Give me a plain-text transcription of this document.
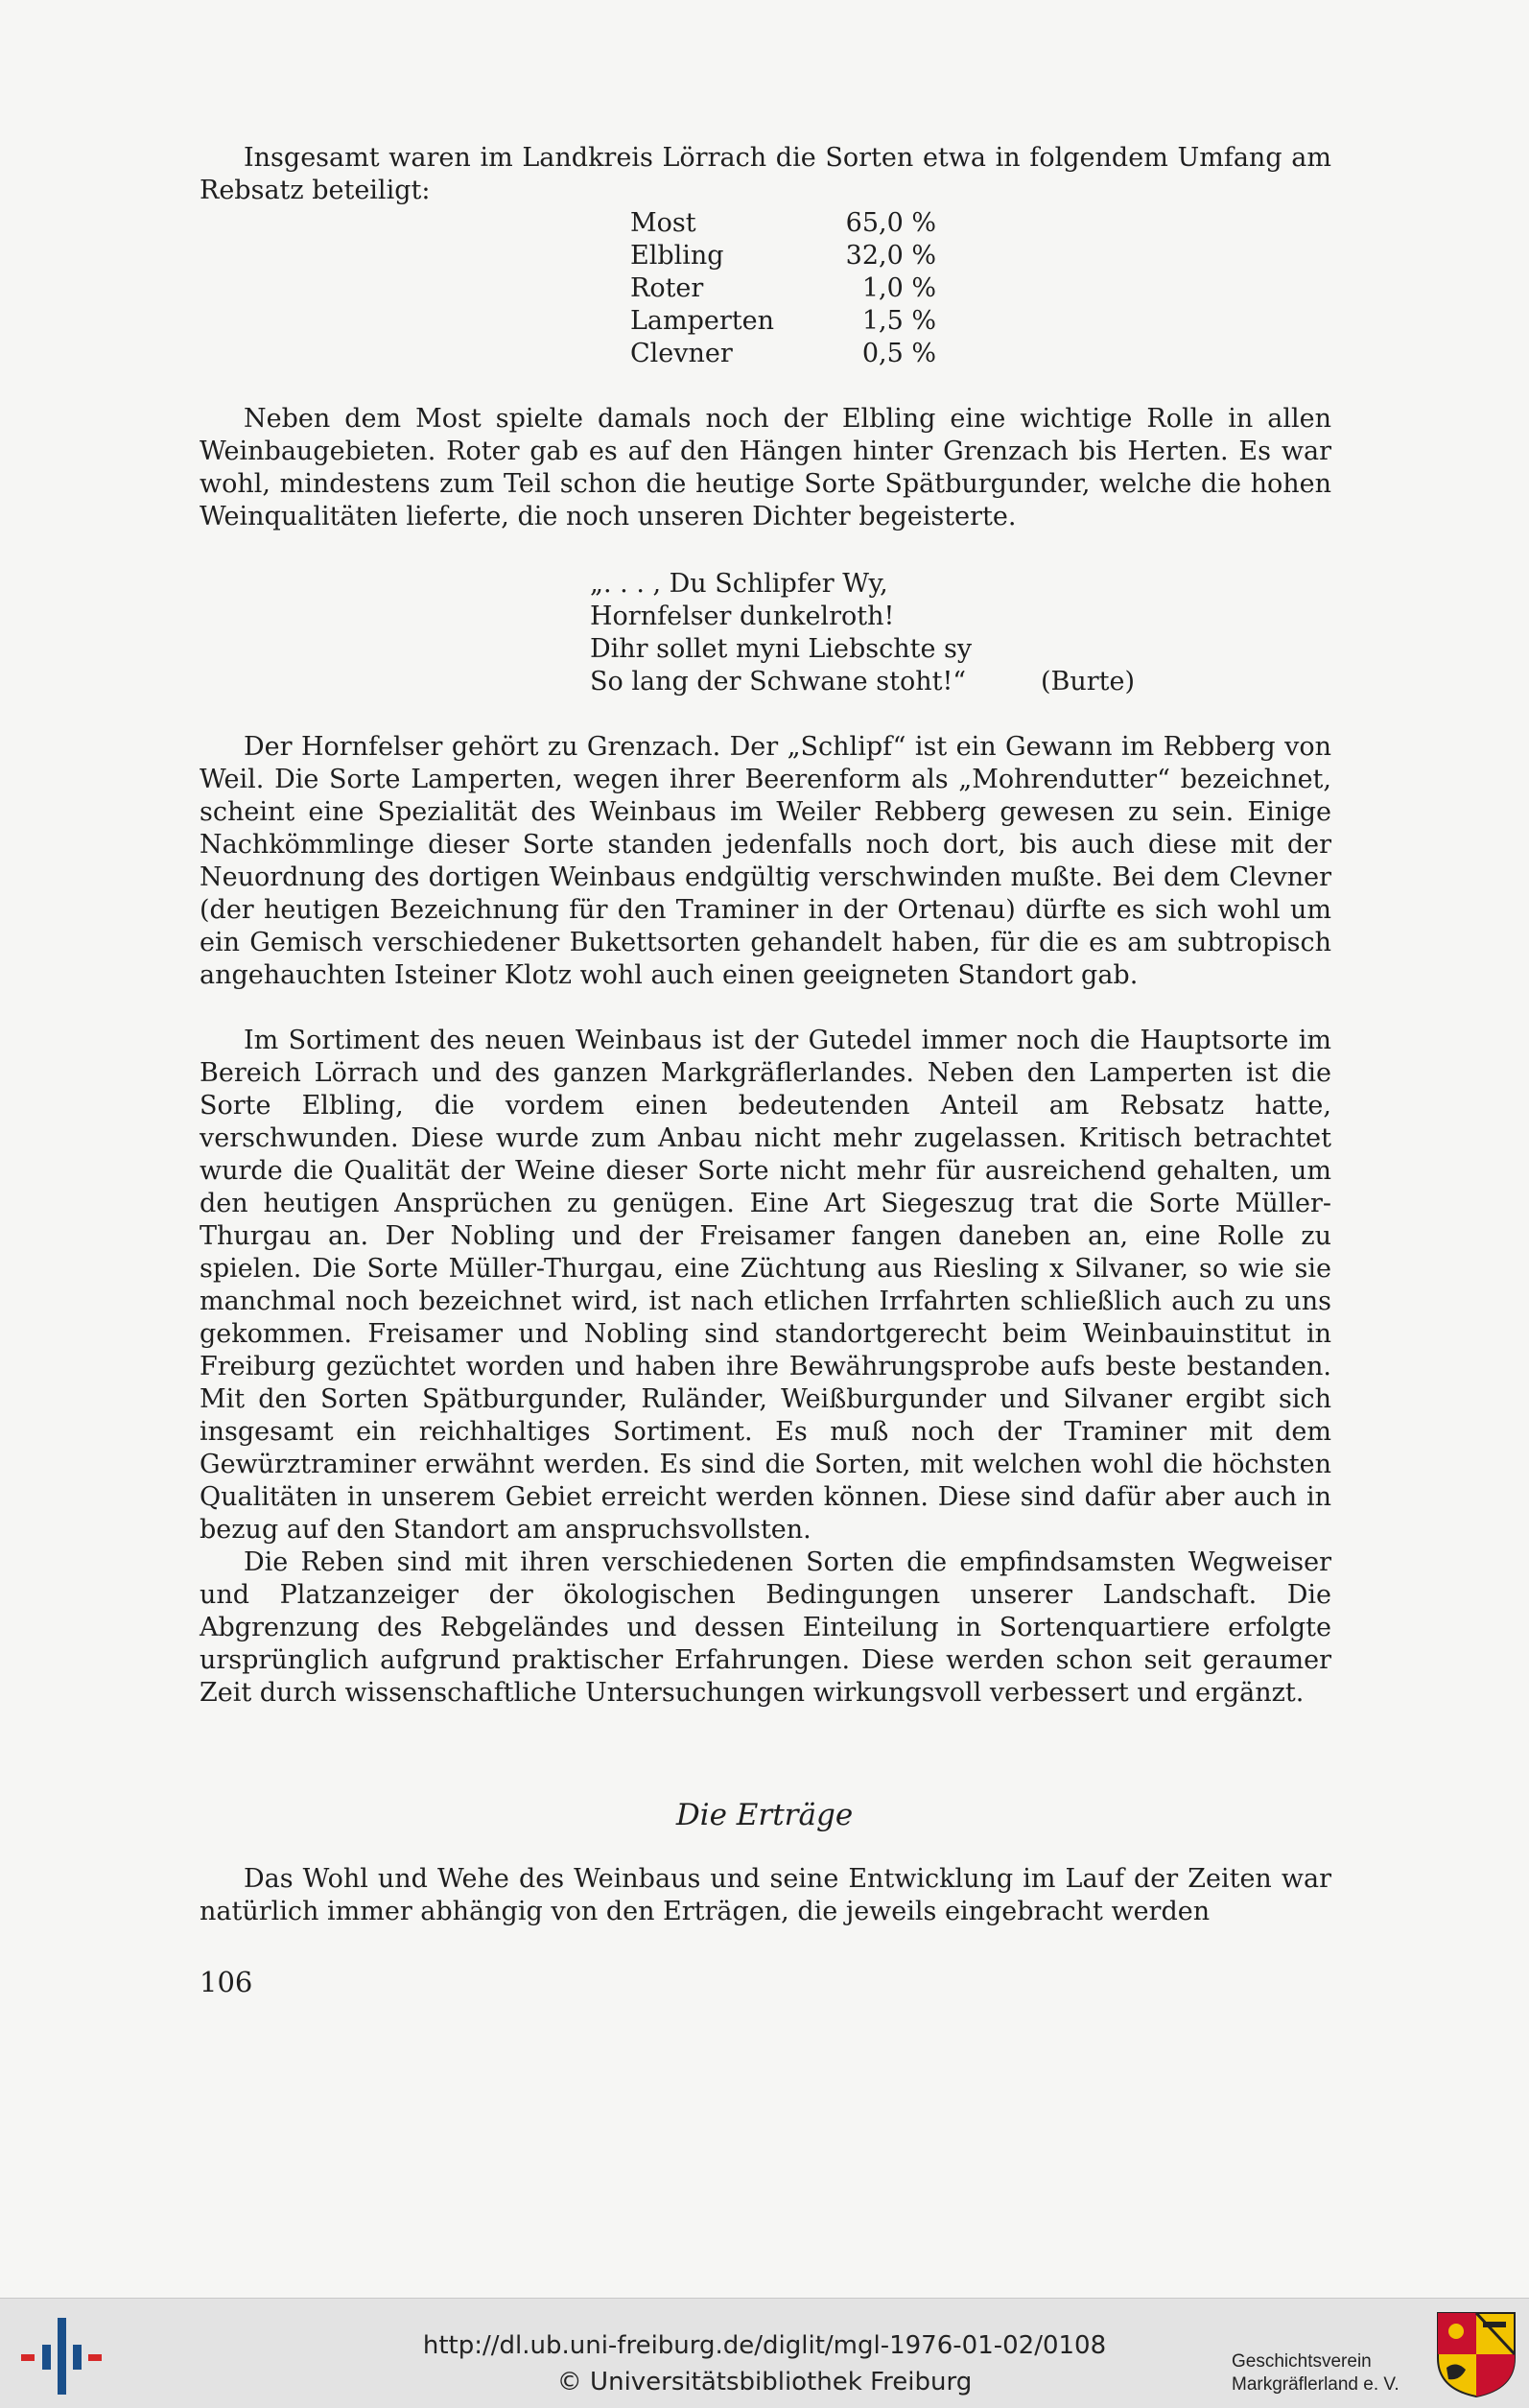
Insgesamt waren im Landkreis Lörrach die Sorten etwa in folgendem Umfang am Rebsatz beteiligt:

Most	65,0 %
Elbling	32,0 %
Roter	1,0 %
Lamperten	1,5 %
Clevner	0,5 %

Neben dem Most spielte damals noch der Elbling eine wichtige Rolle in allen Weinbaugebieten. Roter gab es auf den Hängen hinter Grenzach bis Herten. Es war wohl, mindestens zum Teil schon die heutige Sorte Spätburgunder, welche die hohen Weinqualitäten lieferte, die noch unseren Dichter begeisterte.

„. . . , Du Schlipfer Wy,
Hornfelser dunkelroth!
Dihr sollet myni Liebschte sy
So lang der Schwane stoht!“	(Burte)

Der Hornfelser gehört zu Grenzach. Der „Schlipf“ ist ein Gewann im Rebberg von Weil. Die Sorte Lamperten, wegen ihrer Beerenform als „Mohrendutter“ bezeichnet, scheint eine Spezialität des Weinbaus im Weiler Rebberg gewesen zu sein. Einige Nachkömmlinge dieser Sorte standen jedenfalls noch dort, bis auch diese mit der Neuordnung des dortigen Weinbaus endgültig verschwinden mußte. Bei dem Clevner (der heutigen Bezeichnung für den Traminer in der Ortenau) dürfte es sich wohl um ein Gemisch verschiedener Bukettsorten gehandelt haben, für die es am subtropisch angehauchten Isteiner Klotz wohl auch einen geeigneten Standort gab.

Im Sortiment des neuen Weinbaus ist der Gutedel immer noch die Hauptsorte im Bereich Lörrach und des ganzen Markgräflerlandes. Neben den Lamperten ist die Sorte Elbling, die vordem einen bedeutenden Anteil am Rebsatz hatte, verschwunden. Diese wurde zum Anbau nicht mehr zugelassen. Kritisch betrachtet wurde die Qualität der Weine dieser Sorte nicht mehr für ausreichend gehalten, um den heutigen Ansprüchen zu genügen. Eine Art Siegeszug trat die Sorte Müller-Thurgau an. Der Nobling und der Freisamer fangen daneben an, eine Rolle zu spielen. Die Sorte Müller-Thurgau, eine Züchtung aus Riesling x Silvaner, so wie sie manchmal noch bezeichnet wird, ist nach etlichen Irrfahrten schließlich auch zu uns gekommen. Freisamer und Nobling sind standortgerecht beim Weinbauinstitut in Freiburg gezüchtet worden und haben ihre Bewährungsprobe aufs beste bestanden. Mit den Sorten Spätburgunder, Ruländer, Weißburgunder und Silvaner ergibt sich insgesamt ein reichhaltiges Sortiment. Es muß noch der Traminer mit dem Gewürztraminer erwähnt werden. Es sind die Sorten, mit welchen wohl die höchsten Qualitäten in unserem Gebiet erreicht werden können. Diese sind dafür aber auch in bezug auf den Standort am anspruchsvollsten.

Die Reben sind mit ihren verschiedenen Sorten die empfindsamsten Wegweiser und Platzanzeiger der ökologischen Bedingungen unserer Landschaft. Die Abgrenzung des Rebgeländes und dessen Einteilung in Sortenquartiere erfolgte ursprünglich aufgrund praktischer Erfahrungen. Diese werden schon seit geraumer Zeit durch wissenschaftliche Untersuchungen wirkungsvoll verbessert und ergänzt.

Die Erträge

Das Wohl und Wehe des Weinbaus und seine Entwicklung im Lauf der Zeiten war natürlich immer abhängig von den Erträgen, die jeweils eingebracht werden

106
http://dl.ub.uni-freiburg.de/diglit/mgl-1976-01-02/0108
© Universitätsbibliothek Freiburg
Geschichtsverein
Markgräflerland e. V.
